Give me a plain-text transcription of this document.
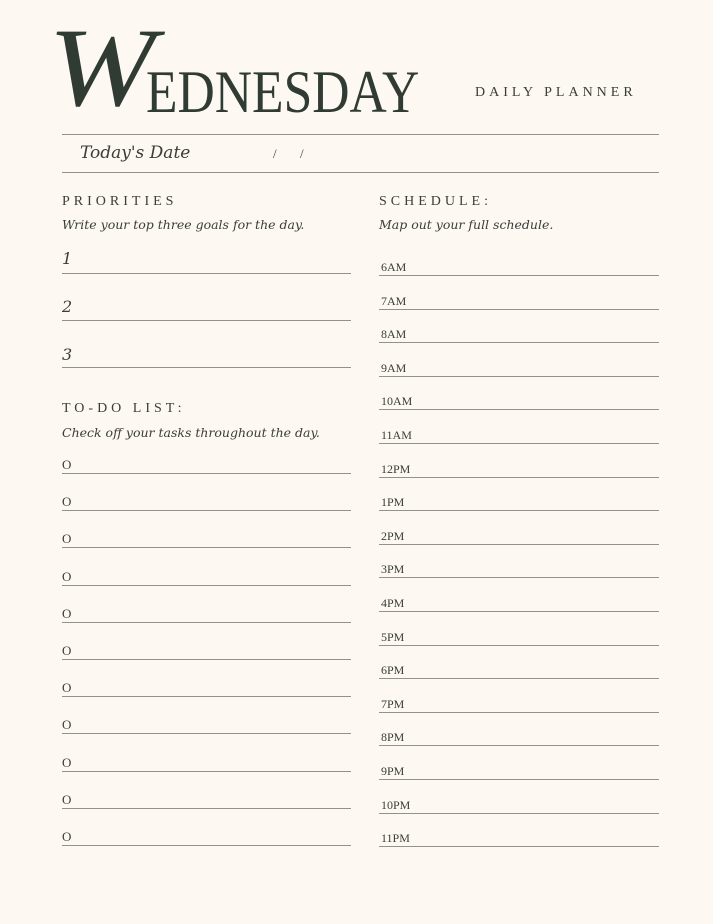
W EDNESDAY	DAILY PLANNER
Today's Date	/ /
PRIORITIES
Write your top three goals for the day.
1
2
3
TO-DO LIST:
Check off your tasks throughout the day.
O
O
O
O
O
O
O
O
O
O
O
SCHEDULE:
Map out your full schedule.
6AM
7AM
8AM
9AM
10AM
11AM
12PM
1PM
2PM
3PM
4PM
5PM
6PM
7PM
8PM
9PM
10PM
11PM
